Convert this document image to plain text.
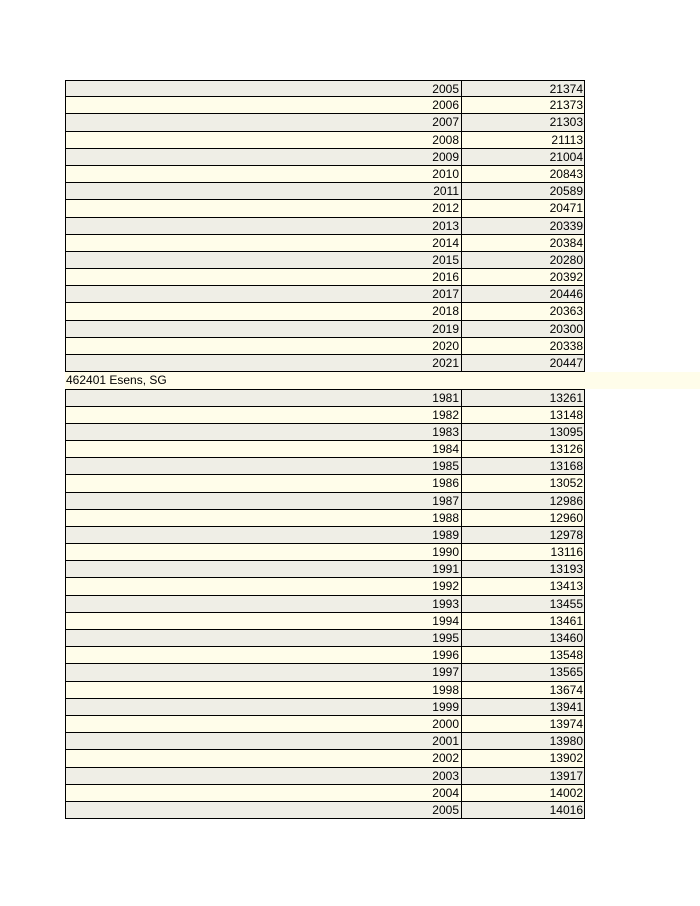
2005	21374
2006	21373
2007	21303
2008	21113
2009	21004
2010	20843
2011	20589
2012	20471
2013	20339
2014	20384
2015	20280
2016	20392
2017	20446
2018	20363
2019	20300
2020	20338
2021	20447
462401 Esens, SG
1981	13261
1982	13148
1983	13095
1984	13126
1985	13168
1986	13052
1987	12986
1988	12960
1989	12978
1990	13116
1991	13193
1992	13413
1993	13455
1994	13461
1995	13460
1996	13548
1997	13565
1998	13674
1999	13941
2000	13974
2001	13980
2002	13902
2003	13917
2004	14002
2005	14016
